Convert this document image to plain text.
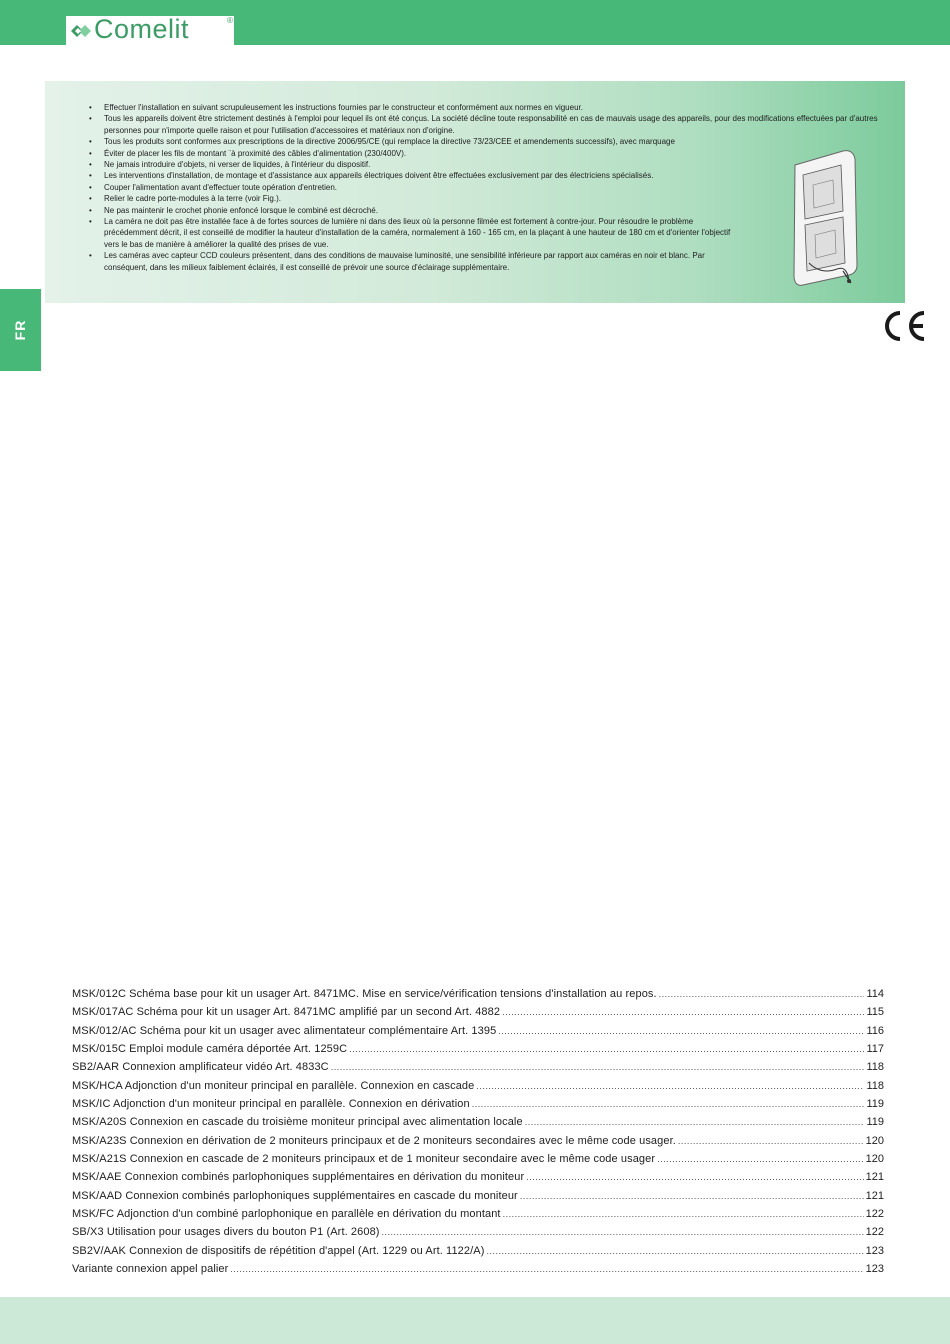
Comelit	®
FR
• Effectuer l'installation en suivant scrupuleusement les instructions fournies par le constructeur et conformément aux normes en vigueur.
• Tous les appareils doivent être strictement destinés à l'emploi pour lequel ils ont été conçus. La société décline toute responsabilité en cas de mauvais usage des appareils, pour des modifications effectuées par d'autres personnes pour n'importe quelle raison et pour l'utilisation d'accessoires et matériaux non d'origine.
• Tous les produits sont conformes aux prescriptions de la directive 2006/95/CE (qui remplace la directive 73/23/CEE et amendements successifs), avec marquage
• Éviter de placer les fils de montant ¨à proximité des câbles d'alimentation (230/400V).
• Ne jamais introduire d'objets, ni verser de liquides, à l'intérieur du dispositif.
• Les interventions d'installation, de montage et d'assistance aux appareils électriques doivent être effectuées exclusivement par des électriciens spécialisés.
• Couper l'alimentation avant d'effectuer toute opération d'entretien.
• Relier le cadre porte-modules à la terre (voir Fig.).
• Ne pas maintenir le crochet phonie enfoncé lorsque le combiné est décroché.
• La caméra ne doit pas être installée face à de fortes sources de lumière ni dans des lieux où la personne filmée est fortement à contre-jour. Pour résoudre le problème précédemment décrit, il est conseillé de modifier la hauteur d'installation de la caméra, normalement à 160 - 165 cm, en la plaçant à une hauteur de 180 cm et d'orienter l'objectif vers le bas de manière à améliorer la qualité des prises de vue.
• Les caméras avec capteur CCD couleurs présentent, dans des conditions de mauvaise luminosité, une sensibilité inférieure par rapport aux caméras en noir et blanc. Par conséquent, dans les milieux faiblement éclairés, il est conseillé de prévoir une source d'éclairage supplémentaire.
MSK/012C Schéma base pour kit un usager Art. 8471MC. Mise en service/vérification tensions d'installation au repos. .....	114
MSK/017AC Schéma pour kit un usager Art. 8471MC amplifié par un second Art. 4882 .....	115
MSK/012/AC Schéma pour kit un usager avec alimentateur complémentaire Art. 1395 .....	116
MSK/015C Emploi module caméra déportée Art. 1259C .....	117
SB2/AAR Connexion amplificateur vidéo Art. 4833C .....	118
MSK/HCA Adjonction d'un moniteur principal en parallèle. Connexion en cascade .....	118
MSK/IC Adjonction d'un moniteur principal en parallèle. Connexion en dérivation .....	119
MSK/A20S Connexion en cascade du troisième moniteur principal avec alimentation locale .....	119
MSK/A23S Connexion en dérivation de 2 moniteurs principaux et de 2 moniteurs secondaires avec le même code usager. .....	120
MSK/A21S Connexion en cascade de 2 moniteurs principaux et de 1 moniteur secondaire avec le même code usager .....	120
MSK/AAE Connexion combinés parlophoniques supplémentaires en dérivation du moniteur .....	121
MSK/AAD Connexion combinés parlophoniques supplémentaires en cascade du moniteur .....	121
MSK/FC Adjonction d'un combiné parlophonique en parallèle en dérivation du montant .....	122
SB/X3 Utilisation pour usages divers du bouton P1 (Art. 2608) .....	122
SB2V/AAK Connexion de dispositifs de répétition d'appel (Art. 1229 ou Art. 1122/A) .....	123
Variante connexion appel palier .....	123
